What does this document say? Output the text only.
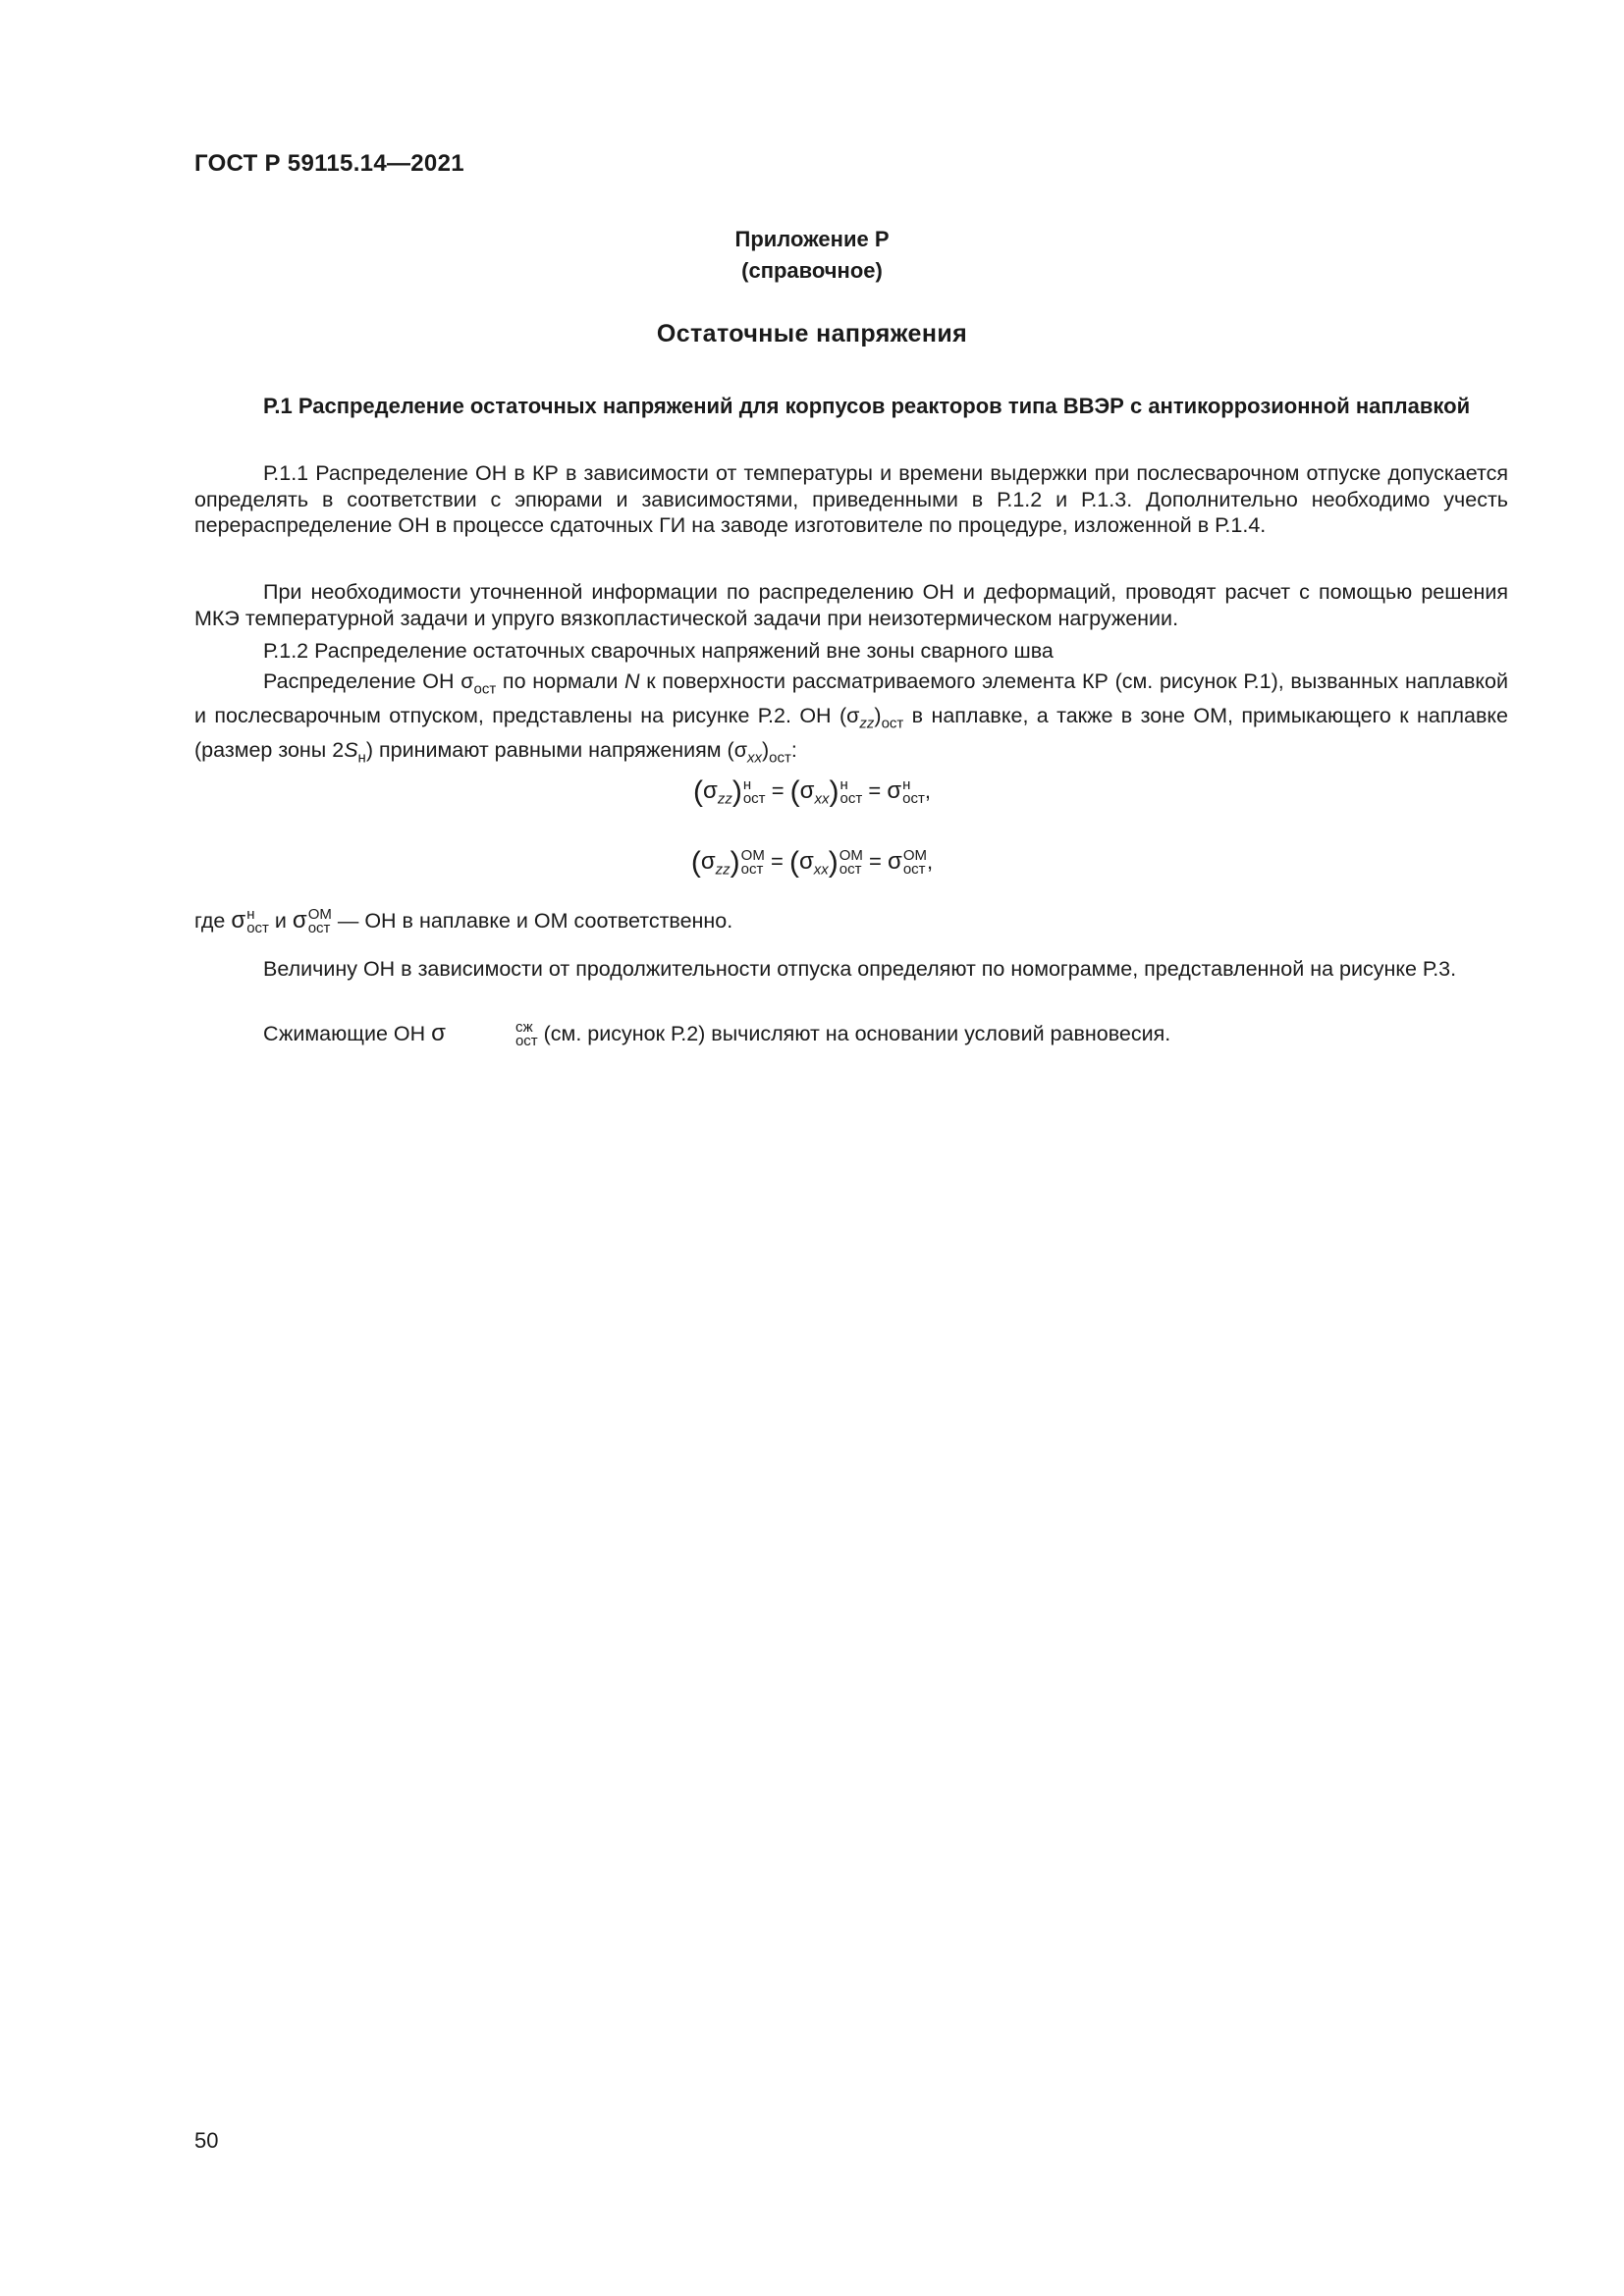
ГОСТ Р 59115.14—2021
Приложение Р
(справочное)
Остаточные напряжения

Р.1 Распределение остаточных напряжений для корпусов реакторов типа ВВЭР с антикоррозионной наплавкой

Р.1.1 Распределение ОН в КР в зависимости от температуры и времени выдержки при послесварочном отпуске допускается определять в соответствии с эпюрами и зависимостями, приведенными в Р.1.2 и Р.1.3. Дополнительно необходимо учесть перераспределение ОН в процессе сдаточных ГИ на заводе изготовителе по процедуре, изложенной в Р.1.4.

При необходимости уточненной информации по распределению ОН и деформаций, проводят расчет с помощью решения МКЭ температурной задачи и упруго вязкопластической задачи при неизотермическом нагружении.

Р.1.2 Распределение остаточных сварочных напряжений вне зоны сварного шва

Распределение ОН $\sigma_{ост}$ по нормали N к поверхности рассматриваемого элемента КР (см. рисунок Р.1), вызванных наплавкой и послесварочным отпуском, представлены на рисунке Р.2. ОН $(\sigma_{zz})_{ост}$ в наплавке, а также в зоне ОМ, примыкающего к наплавке (размер зоны $2S_н$) принимают равными напряжениям $(\sigma_{xx})_{ост}$:

$(\sigma_{zz})$ н
ост = $(\sigma_{xx})$ н
ост = σ н
ост ,
$(\sigma_{zz})$ ОМ
ост = $(\sigma_{xx})$ ОМ
ост = σ ОМ
ост ,
где σ н
ост и σ ОМ
ост — ОН в наплавке и ОМ соответственно.

Величину ОН в зависимости от продолжительности отпуска определяют по номограмме, представленной на рисунке Р.3.

Сжимающие ОН σ	сж
ост (см. рисунок Р.2) вычисляют на основании условий равновесия.

50
